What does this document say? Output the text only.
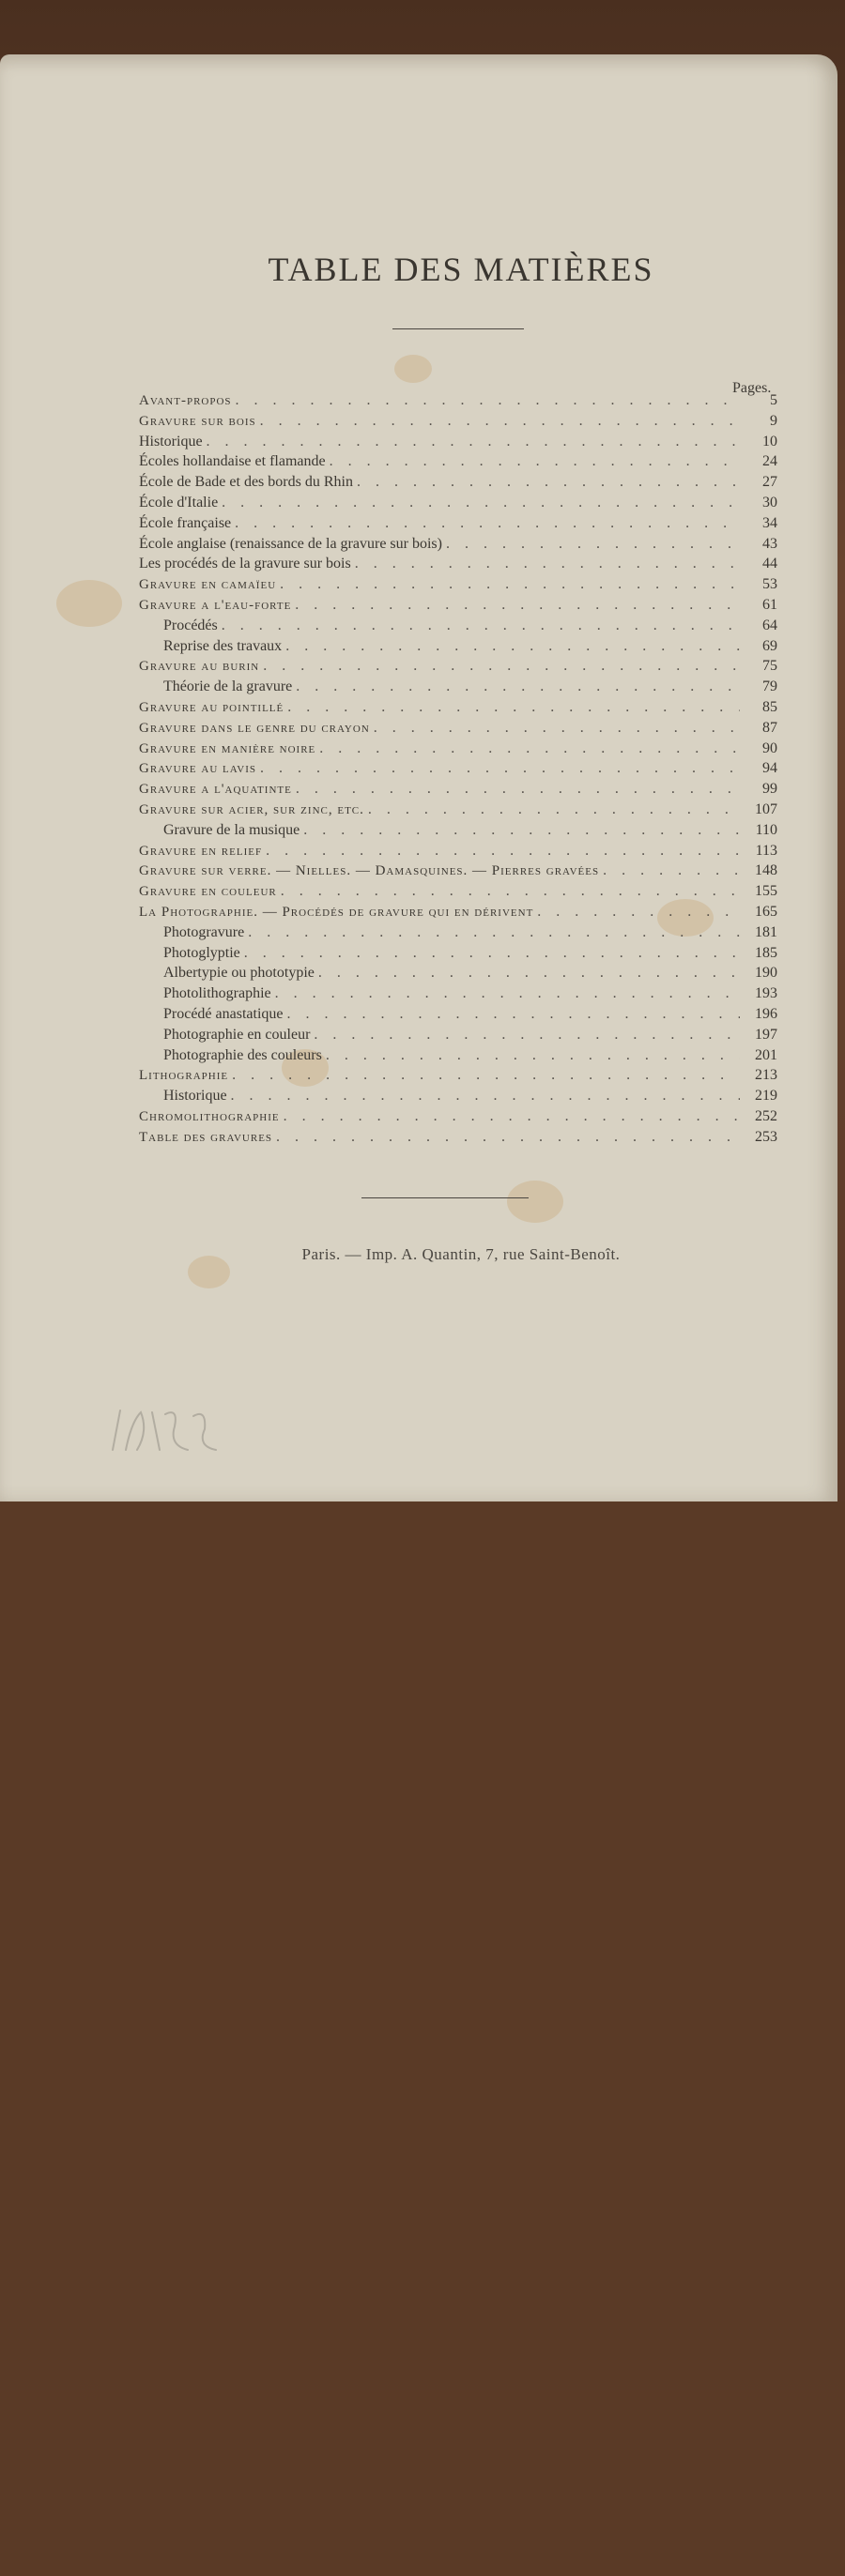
TABLE DES MATIÈRES
Pages.
Avant-propos . . .	5
Gravure sur bois . . .	9
Historique . . .	10
Écoles hollandaise et flamande . . .	24
École de Bade et des bords du Rhin . . .	27
École d'Italie . . .	30
École française . . .	34
École anglaise (renaissance de la gravure sur bois) . . .	43
Les procédés de la gravure sur bois . . .	44
Gravure en camaïeu . . .	53
Gravure a l'eau-forte . . .	61
Procédés . . .	64
Reprise des travaux . . .	69
Gravure au burin . . .	75
Théorie de la gravure . . .	79
Gravure au pointillé . . .	85
Gravure dans le genre du crayon . . .	87
Gravure en manière noire . . .	90
Gravure au lavis . . .	94
Gravure a l'aquatinte . . .	99
Gravure sur acier, sur zinc, etc. . . .	107
Gravure de la musique . . .	110
Gravure en relief . . .	113
Gravure sur verre. — Nielles. — Damasquines. — Pierres gravées . . .	148
Gravure en couleur . . .	155
La Photographie. — Procédés de gravure qui en dérivent . . .	165
Photogravure . . .	181
Photoglyptie . . .	185
Albertypie ou phototypie . . .	190
Photolithographie . . .	193
Procédé anastatique . . .	196
Photographie en couleur . . .	197
Photographie des couleurs . . .	201
Lithographie . . .	213
Historique . . .	219
Chromolithographie . . .	252
Table des gravures . . .	253
Paris. — Imp. A. Quantin, 7, rue Saint-Benoît.
